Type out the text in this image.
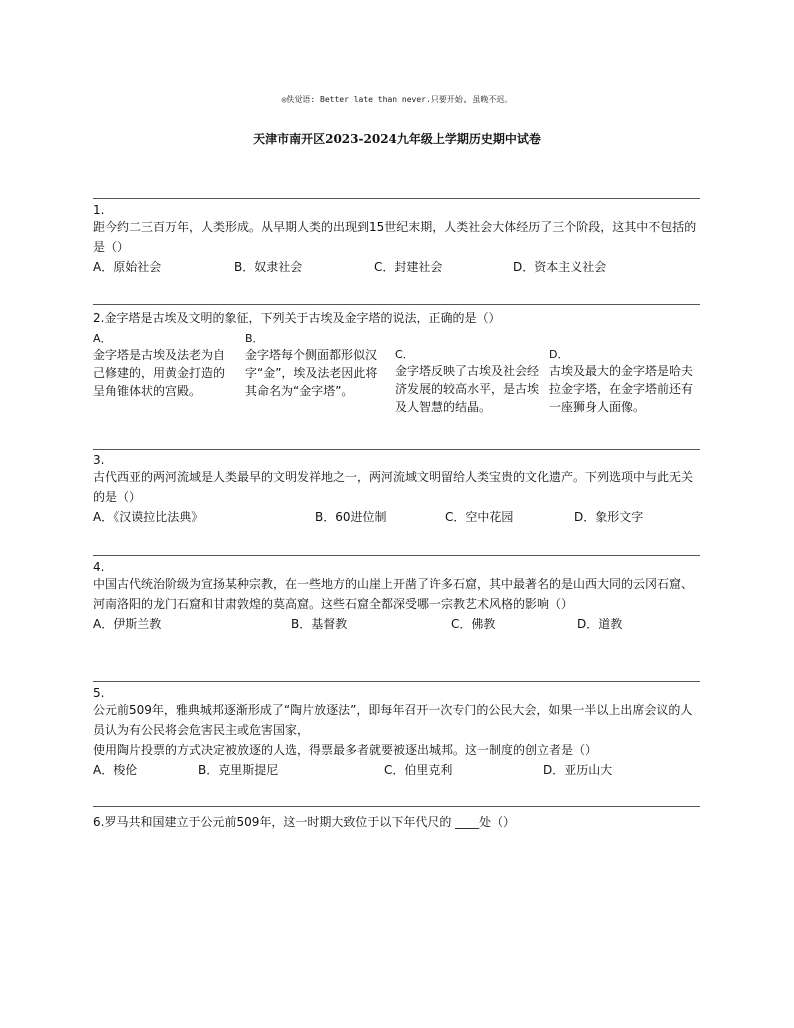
◎佚觉语: Better late than never.只要开始, 虽晚不迟。
天津市南开区2023-2024九年级上学期历史期中试卷
1.

距今约二三百万年，人类形成。从早期人类的出现到15世纪末期，人类社会大体经历了三个阶段，这其中不包括的是（）

A．原始社会	B．奴隶社会	C．封建社会	D．资本主义社会

2.金字塔是古埃及文明的象征，下列关于古埃及金字塔的说法，正确的是（）

A．
金字塔是古埃及法老为自己修建的，用黄金打造的呈角锥体状的宫殿。
B．
金字塔每个侧面都形似汉字“金”，埃及法老因此将其命名为“金字塔”。
C．
金字塔反映了古埃及社会经济发展的较高水平，是古埃及人智慧的结晶。
D．
古埃及最大的金字塔是哈夫拉金字塔，在金字塔前还有一座狮身人面像。
3.

古代西亚的两河流域是人类最早的文明发祥地之一，两河流域文明留给人类宝贵的文化遗产。下列选项中与此无关的是（）

A．《汉谟拉比法典》	B．60进位制	C．空中花园	D．象形文字
4.

中国古代统治阶级为宣扬某种宗教，在一些地方的山崖上开凿了许多石窟，其中最著名的是山西大同的云冈石窟、河南洛阳的龙门石窟和甘肃敦煌的莫高窟。这些石窟全都深受哪一宗教艺术风格的影响（）

A．伊斯兰教	B．基督教	C．佛教	D．道教
5.

公元前509年，雅典城邦逐渐形成了“陶片放逐法”，即每年召开一次专门的公民大会，如果一半以上出席会议的人员认为有公民将会危害民主或危害国家，

使用陶片投票的方式决定被放逐的人选，得票最多者就要被逐出城邦。这一制度的创立者是（）

A．梭伦	B．克里斯提尼	C．伯里克利	D．亚历山大

6.罗马共和国建立于公元前509年，这一时期大致位于以下年代尺的 ____处（）
